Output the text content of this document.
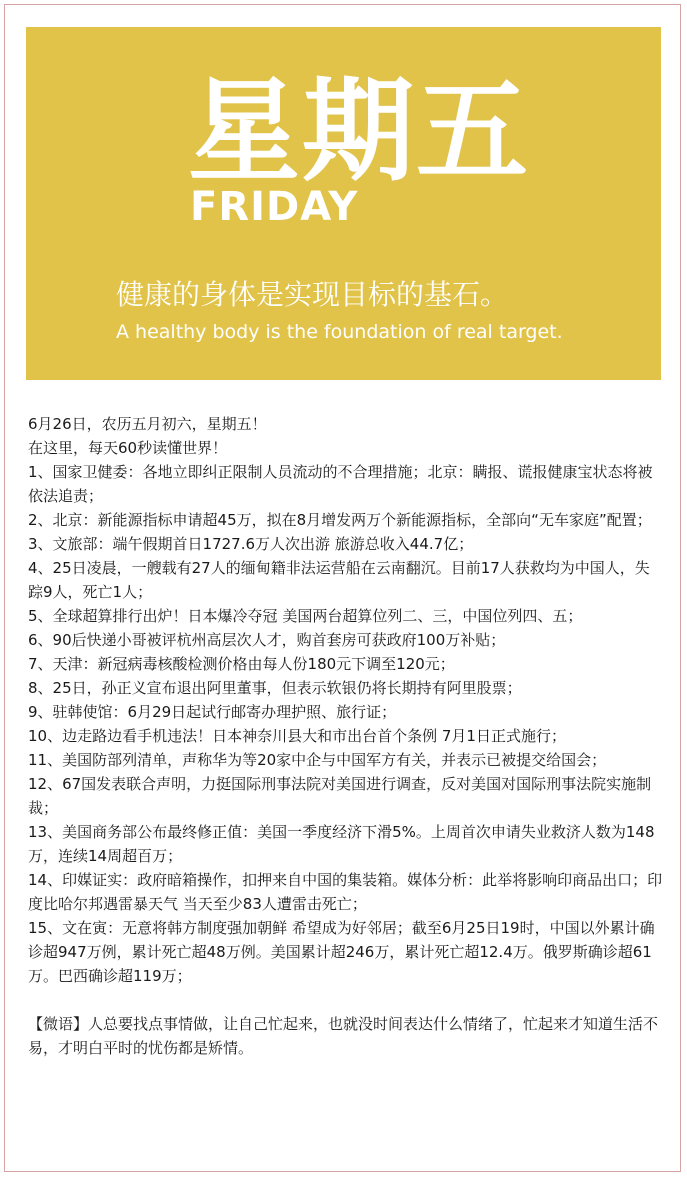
星期五
FRIDAY
健康的身体是实现目标的基石。
A healthy body is the foundation of real target.

6月26日，农历五月初六，星期五！

在这里，每天60秒读懂世界！

1、国家卫健委：各地立即纠正限制人员流动的不合理措施；北京：瞒报、谎报健康宝状态将被依法追责；

2、北京：新能源指标申请超45万，拟在8月增发两万个新能源指标，全部向“无车家庭”配置；

3、文旅部：端午假期首日1727.6万人次出游 旅游总收入44.7亿；

4、25日凌晨，一艘载有27人的缅甸籍非法运营船在云南翻沉。目前17人获救均为中国人，失踪9人，死亡1人；

5、全球超算排行出炉！日本爆冷夺冠 美国两台超算位列二、三，中国位列四、五；

6、90后快递小哥被评杭州高层次人才，购首套房可获政府100万补贴；

7、天津：新冠病毒核酸检测价格由每人份180元下调至120元；

8、25日，孙正义宣布退出阿里董事，但表示软银仍将长期持有阿里股票；

9、驻韩使馆：6月29日起试行邮寄办理护照、旅行证；

10、边走路边看手机违法！日本神奈川县大和市出台首个条例 7月1日正式施行；

11、美国防部列清单，声称华为等20家中企与中国军方有关，并表示已被提交给国会；

12、67国发表联合声明，力挺国际刑事法院对美国进行调查，反对美国对国际刑事法院实施制裁；

13、美国商务部公布最终修正值：美国一季度经济下滑5%。上周首次申请失业救济人数为148万，连续14周超百万；

14、印媒证实：政府暗箱操作，扣押来自中国的集装箱。媒体分析：此举将影响印商品出口；印度比哈尔邦遇雷暴天气 当天至少83人遭雷击死亡；

15、文在寅：无意将韩方制度强加朝鲜 希望成为好邻居；截至6月25日19时，中国以外累计确诊超947万例，累计死亡超48万例。美国累计超246万，累计死亡超12.4万。俄罗斯确诊超61万。巴西确诊超119万；

【微语】人总要找点事情做，让自己忙起来，也就没时间表达什么情绪了，忙起来才知道生活不易，才明白平时的忧伤都是矫情。
